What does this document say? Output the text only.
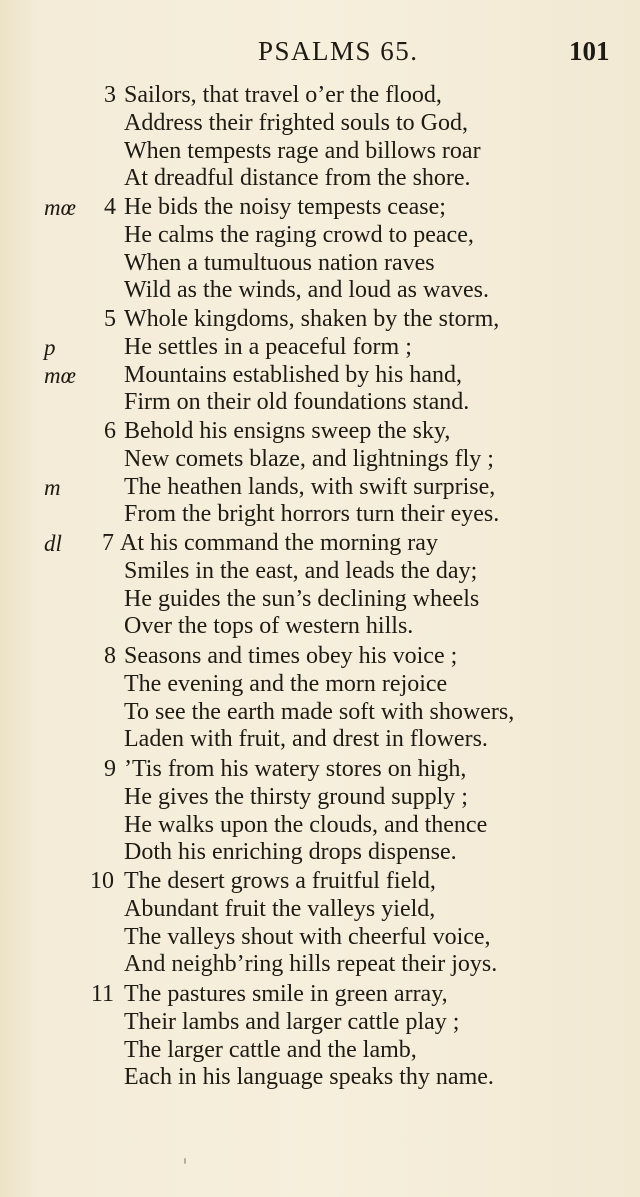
PSALMS 65.	101
3 Sailors, that travel o’er the flood,
Address their frighted souls to God,
When tempests rage and billows roar
At dreadful distance from the shore.
4
mœ He bids the noisy tempests cease;
He calms the raging crowd to peace,
When a tumultuous nation raves
Wild as the winds, and loud as waves.
5 Whole kingdoms, shaken by the storm,
p	He settles in a peaceful form ;
mœ Mountains established by his hand,
Firm on their old foundations stand.
6 Behold his ensigns sweep the sky,
New comets blaze, and lightnings fly ;
m	The heathen lands, with swift surprise,
From the bright horrors turn their eyes.
7
dl At his command the morning ray
Smiles in the east, and leads the day;
He guides the sun’s declining wheels
Over the tops of western hills.
8 Seasons and times obey his voice ;
The evening and the morn rejoice
To see the earth made soft with showers,
Laden with fruit, and drest in flowers.
9 ’Tis from his watery stores on high,
He gives the thirsty ground supply ;
He walks upon the clouds, and thence
Doth his enriching drops dispense.
10 The desert grows a fruitful field,
Abundant fruit the valleys yield,
The valleys shout with cheerful voice,
And neighb’ring hills repeat their joys.
11 The pastures smile in green array,
Their lambs and larger cattle play ;
The larger cattle and the lamb,
Each in his language speaks thy name.
